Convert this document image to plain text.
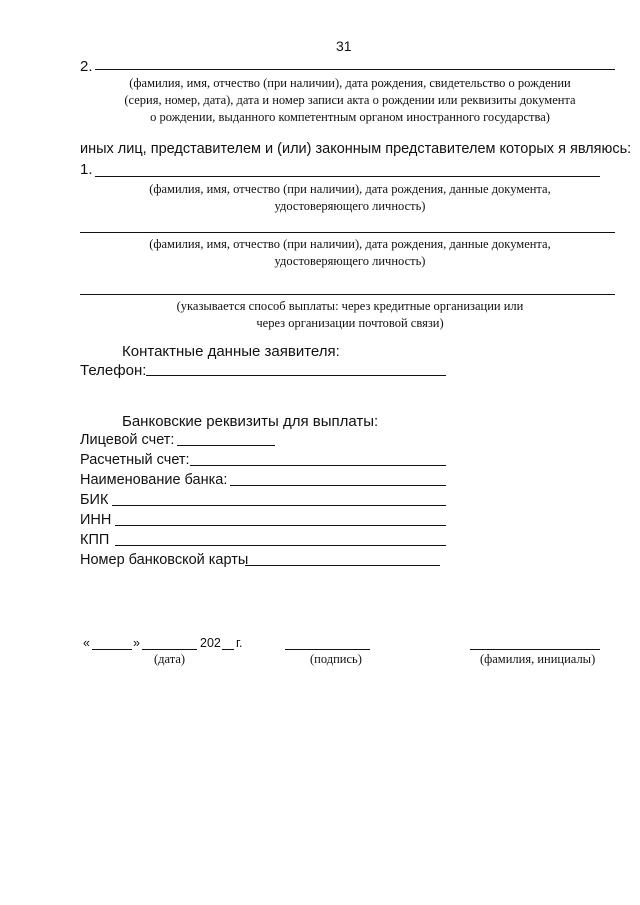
31
2.
(фамилия, имя, отчество (при наличии), дата рождения, свидетельство о рождении
(серия, номер, дата), дата и номер записи акта о рождении или реквизиты документа
о рождении, выданного компетентным органом иностранного государства)
иных лиц, представителем и (или) законным представителем которых я являюсь:
1.
(фамилия, имя, отчество (при наличии), дата рождения, данные документа,
удостоверяющего личность)
(фамилия, имя, отчество (при наличии), дата рождения, данные документа,
удостоверяющего личность)
(указывается способ выплаты: через кредитные организации или
через организации почтовой связи)
Контактные данные заявителя:
Телефон:
Банковские реквизиты для выплаты:
Лицевой счет:
Расчетный счет:
Наименование банка:
БИК
ИНН
КПП
Номер банковской карты
«	»	202 г.
(дата)	(подпись)	(фамилия, инициалы)
